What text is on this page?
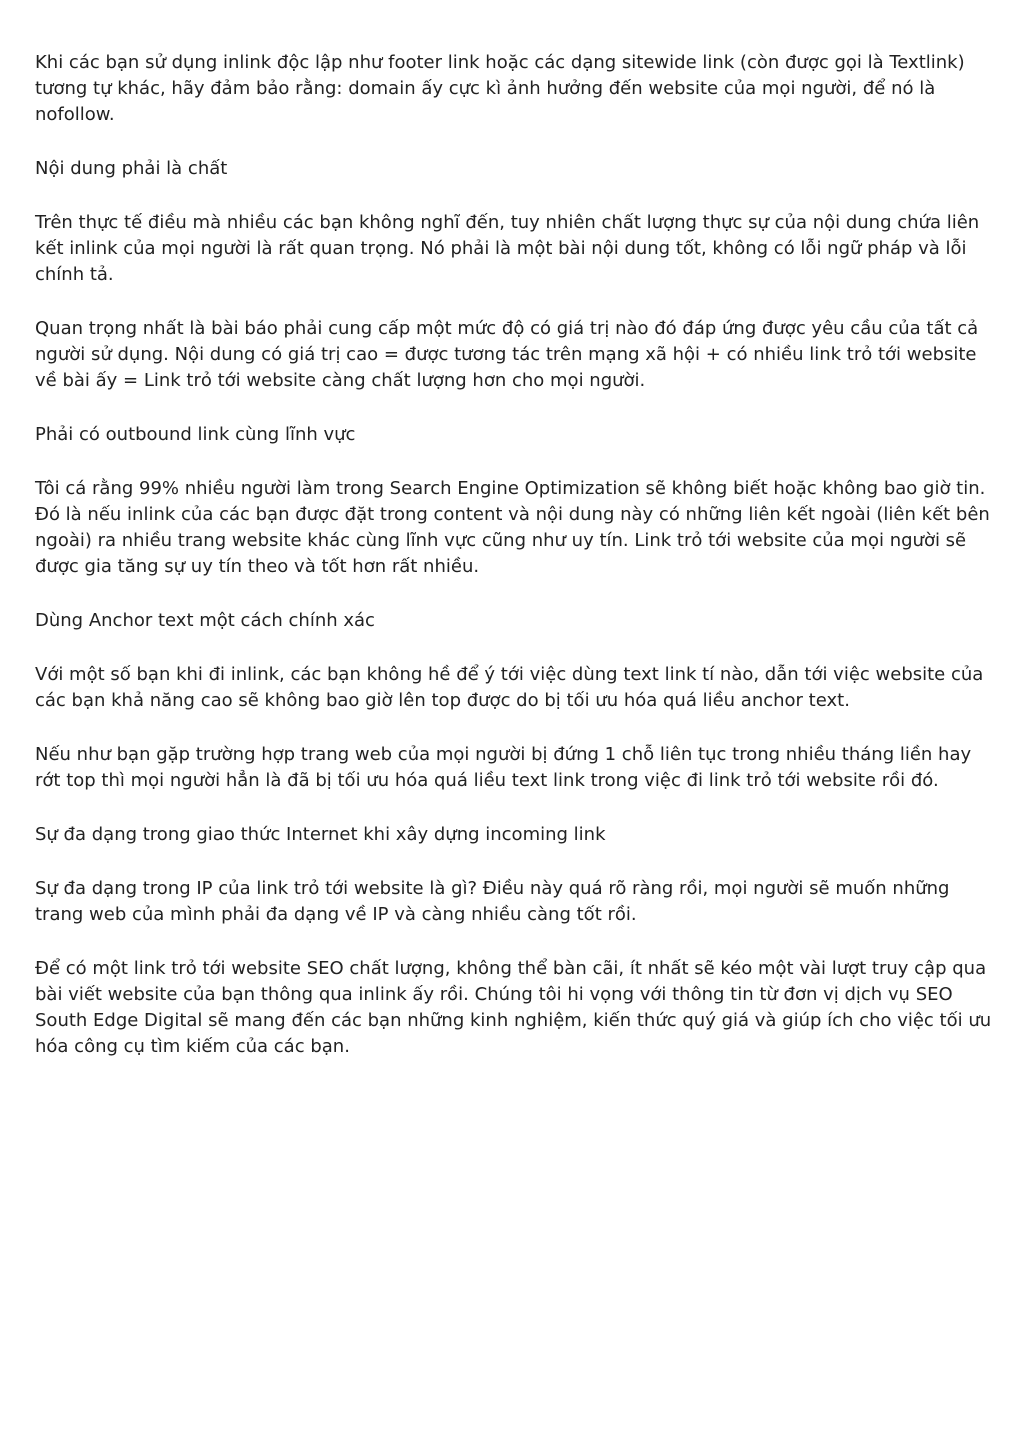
Khi các bạn sử dụng inlink độc lập như footer link hoặc các dạng sitewide link (còn được gọi là Textlink) tương tự khác, hãy đảm bảo rằng: domain ấy cực kì ảnh hưởng đến website của mọi người, để nó là nofollow.

Nội dung phải là chất

Trên thực tế điều mà nhiều các bạn không nghĩ đến, tuy nhiên chất lượng thực sự của nội dung chứa liên kết inlink của mọi người là rất quan trọng. Nó phải là một bài nội dung tốt, không có lỗi ngữ pháp và lỗi chính tả.

Quan trọng nhất là bài báo phải cung cấp một mức độ có giá trị nào đó đáp ứng được yêu cầu của tất cả người sử dụng. Nội dung có giá trị cao = được tương tác trên mạng xã hội + có nhiều link trỏ tới website về bài ấy = Link trỏ tới website càng chất lượng hơn cho mọi người.

Phải có outbound link cùng lĩnh vực

Tôi cá rằng 99% nhiều người làm trong Search Engine Optimization sẽ không biết hoặc không bao giờ tin. Đó là nếu inlink của các bạn được đặt trong content và nội dung này có những liên kết ngoài (liên kết bên ngoài) ra nhiều trang website khác cùng lĩnh vực cũng như uy tín. Link trỏ tới website của mọi người sẽ được gia tăng sự uy tín theo và tốt hơn rất nhiều.

Dùng Anchor text một cách chính xác

Với một số bạn khi đi inlink, các bạn không hề để ý tới việc dùng text link tí nào, dẫn tới việc website của các bạn khả năng cao sẽ không bao giờ lên top được do bị tối ưu hóa quá liều anchor text.

Nếu như bạn gặp trường hợp trang web của mọi người bị đứng 1 chỗ liên tục trong nhiều tháng liền hay rớt top thì mọi người hẳn là đã bị tối ưu hóa quá liều text link trong việc đi link trỏ tới website rồi đó.

Sự đa dạng trong giao thức Internet khi xây dựng incoming link

Sự đa dạng trong IP của link trỏ tới website là gì? Điều này quá rõ ràng rồi, mọi người sẽ muốn những trang web của mình phải đa dạng về IP và càng nhiều càng tốt rồi.

Để có một link trỏ tới website SEO chất lượng, không thể bàn cãi, ít nhất sẽ kéo một vài lượt truy cập qua bài viết website của bạn thông qua inlink ấy rồi. Chúng tôi hi vọng với thông tin từ đơn vị dịch vụ SEO South Edge Digital sẽ mang đến các bạn những kinh nghiệm, kiến thức quý giá và giúp ích cho việc tối ưu hóa công cụ tìm kiếm của các bạn.
